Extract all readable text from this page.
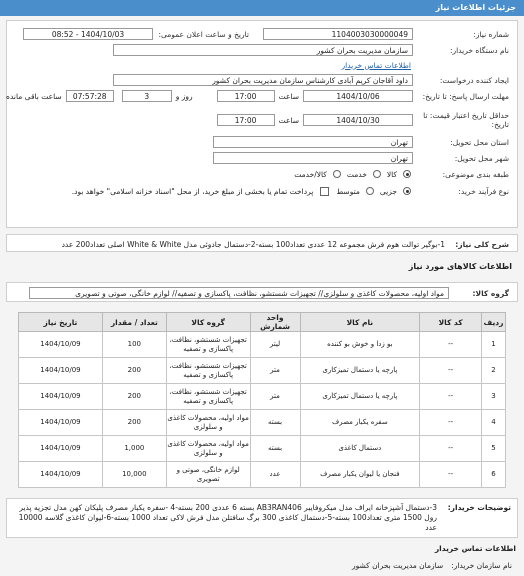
جزئیات اطلاعات نیاز
شماره نیاز:
1104003030000049
تاریخ و ساعت اعلان عمومی:
1404/10/03 - 08:52
نام دستگاه خریدار:
سازمان مدیریت بحران کشور
اطلاعات تماس خریدار
ایجاد کننده درخواست:
داود آقاجان کریم آبادی کارشناس سازمان مدیریت بحران کشور
مهلت ارسال پاسخ: تا تاریخ:
1404/10/06
ساعت
17:00
روز و
3
07:57:28
ساعت باقی مانده
حداقل تاریخ اعتبار قیمت: تا تاریخ:
1404/10/30
ساعت
17:00
استان محل تحویل:
تهران
شهر محل تحویل:
تهران
طبقه بندی موضوعی:
کالا
خدمت
کالا/خدمت
نوع فرآیند خرید:
جزیی
متوسط
پرداخت تمام یا بخشی از مبلغ خرید، از محل "اسناد خزانه اسلامی" خواهد بود.
شرح کلی نیاز:
1-بوگیر توالت هوم فرش مجموعه 12 عددی تعداد100 بسته-2-دستمال جادوئی مدل White & White اصلی تعداد200 عدد
اطلاعات کالاهای مورد نیاز
گروه کالا:
مواد اولیه، محصولات کاغذی و سلولزی// تجهیزات شستشو، نظافت، پاکسازی و تصفیه// لوازم خانگی، صوتی و تصویری
ردیف	کد کالا	نام کالا	واحد شمارش	گروه کالا	تعداد / مقدار	تاریخ نیاز
1	--	بو زدا و خوش بو کننده	لیتر	تجهیزات شستشو، نظافت، پاکسازی و تصفیه	100	1404/10/09
2	--	پارچه یا دستمال تمیزکاری	متر	تجهیزات شستشو، نظافت، پاکسازی و تصفیه	200	1404/10/09
3	--	پارچه یا دستمال تمیزکاری	متر	تجهیزات شستشو، نظافت، پاکسازی و تصفیه	200	1404/10/09
4	--	سفره یکبار مصرف	بسته	مواد اولیه، محصولات کاغذی و سلولزی	200	1404/10/09
5	--	دستمال کاغذی	بسته	مواد اولیه، محصولات کاغذی و سلولزی	1,000	1404/10/09
6	--	فنجان یا لیوان یکبار مصرف	عدد	لوازم خانگی، صوتی و تصویری	10,000	1404/10/09
توضیحات خریدار:
3-دستمال آشپزخانه ایراف مدل میکروفایبر AB3RAN406 بسته 6 عددی 200 بسته-4 -سفره یکبار مصرف پلیکان کهن مدل تجزیه پذیر رول 1500 متری تعداد100 بسته-5-دستمال کاغذی 300 برگ سافتلن مدل فرش لاکی تعداد 1000 بسته-6-لیوان کاغذی گلاسه 10000 عدد
اطلاعات تماس خریدار
نام سازمان خریدار:
سازمان مدیریت بحران کشور
